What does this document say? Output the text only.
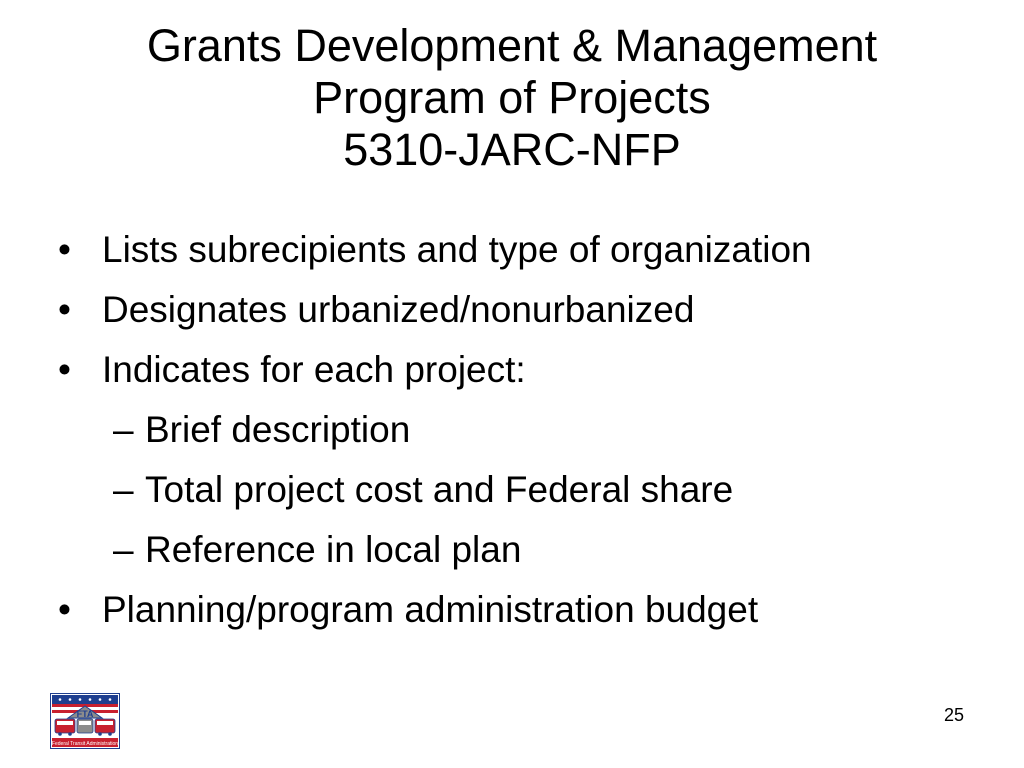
Grants Development & Management
Program of Projects
5310-JARC-NFP
• Lists subrecipients and type of organization
• Designates urbanized/nonurbanized
• Indicates for each project:
– Brief description
– Total project cost and Federal share
– Reference in local plan
• Planning/program administration budget
FTA
Federal Transit Administration
25
